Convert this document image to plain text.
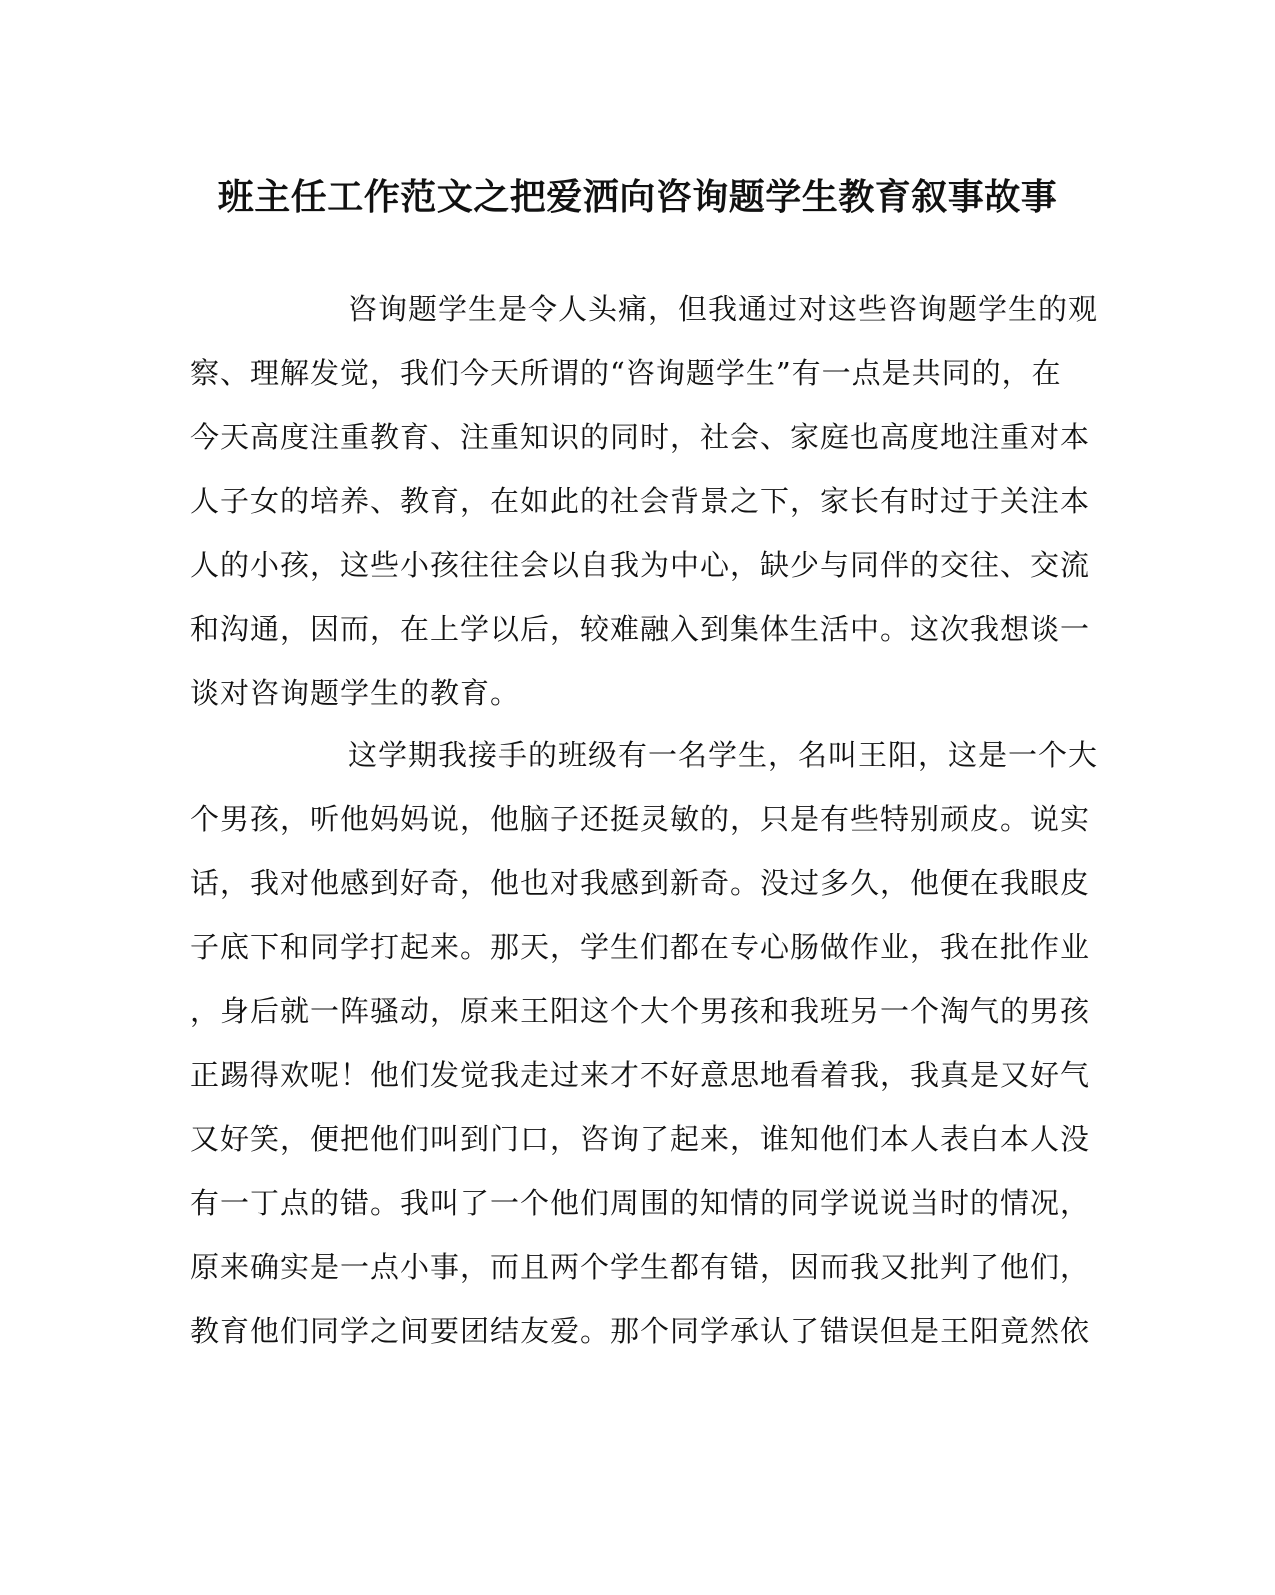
班主任工作范文之把爱洒向咨询题学生教育叙事故事
咨询题学生是令人头痛，但我通过对这些咨询题学生的观
察、理解发觉，我们今天所谓的“咨询题学生”有一点是共同的，在
今天高度注重教育、注重知识的同时，社会、家庭也高度地注重对本
人子女的培养、教育，在如此的社会背景之下，家长有时过于关注本
人的小孩，这些小孩往往会以自我为中心，缺少与同伴的交往、交流
和沟通，因而，在上学以后，较难融入到集体生活中。这次我想谈一
谈对咨询题学生的教育。
这学期我接手的班级有一名学生，名叫王阳，这是一个大
个男孩，听他妈妈说，他脑子还挺灵敏的，只是有些特别顽皮。说实
话，我对他感到好奇，他也对我感到新奇。没过多久，他便在我眼皮
子底下和同学打起来。那天，学生们都在专心肠做作业，我在批作业
，身后就一阵骚动，原来王阳这个大个男孩和我班另一个淘气的男孩
正踢得欢呢！他们发觉我走过来才不好意思地看着我，我真是又好气
又好笑，便把他们叫到门口，咨询了起来，谁知他们本人表白本人没
有一丁点的错。我叫了一个他们周围的知情的同学说说当时的情况，
原来确实是一点小事，而且两个学生都有错，因而我又批判了他们，
教育他们同学之间要团结友爱。那个同学承认了错误但是王阳竟然依
